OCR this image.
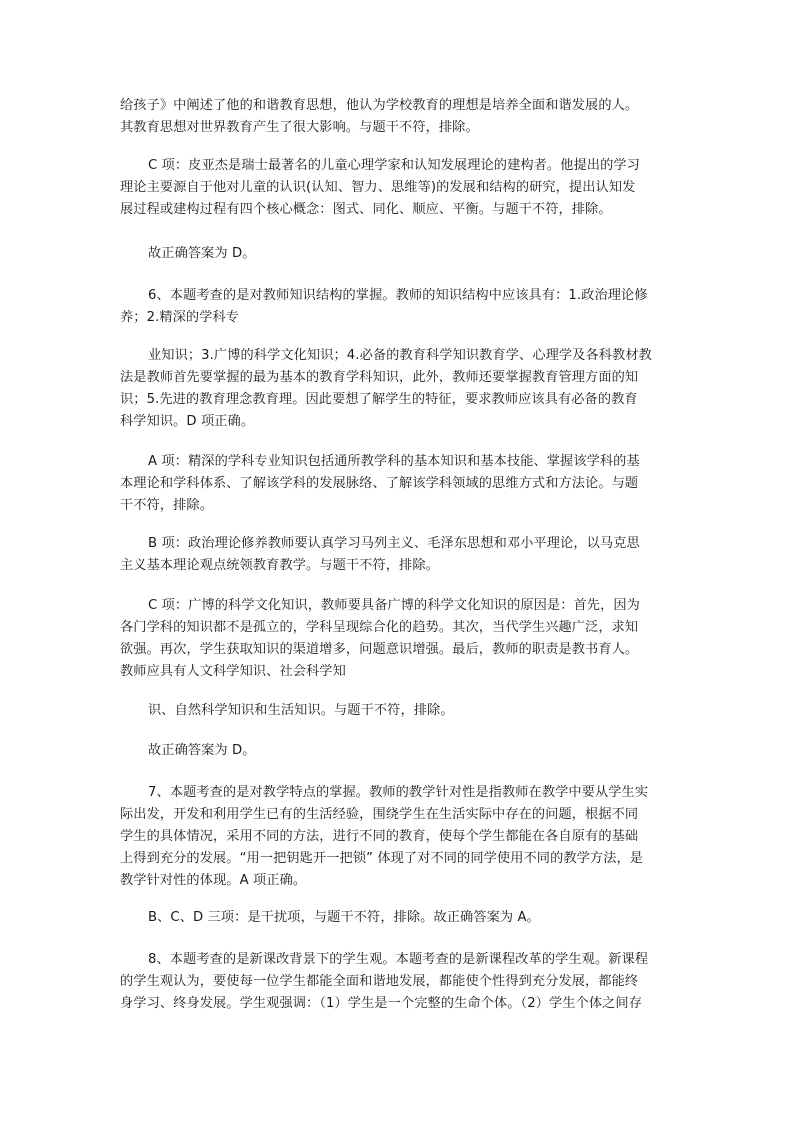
给孩子》中阐述了他的和谐教育思想，他认为学校教育的理想是培养全面和谐发展的人。
其教育思想对世界教育产生了很大影响。与题干不符，排除。
C 项：皮亚杰是瑞士最著名的儿童心理学家和认知发展理论的建构者。他提出的学习
理论主要源自于他对儿童的认识(认知、智力、思维等)的发展和结构的研究，提出认知发
展过程或建构过程有四个核心概念：图式、同化、顺应、平衡。与题干不符，排除。
故正确答案为 D。
6、本题考查的是对教师知识结构的掌握。教师的知识结构中应该具有：1.政治理论修
养；2.精深的学科专
业知识；3.广博的科学文化知识；4.必备的教育科学知识教育学、心理学及各科教材教
法是教师首先要掌握的最为基本的教育学科知识，此外，教师还要掌握教育管理方面的知
识；5.先进的教育理念教育理。因此要想了解学生的特征，要求教师应该具有必备的教育
科学知识。D 项正确。
A 项：精深的学科专业知识包括通所教学科的基本知识和基本技能、掌握该学科的基
本理论和学科体系、了解该学科的发展脉络、了解该学科领域的思维方式和方法论。与题
干不符，排除。
B 项：政治理论修养教师要认真学习马列主义、毛泽东思想和邓小平理论，以马克思
主义基本理论观点统领教育教学。与题干不符，排除。
C 项：广博的科学文化知识，教师要具备广博的科学文化知识的原因是：首先，因为
各门学科的知识都不是孤立的，学科呈现综合化的趋势。其次，当代学生兴趣广泛，求知
欲强。再次，学生获取知识的渠道增多，问题意识增强。最后，教师的职责是教书育人。
教师应具有人文科学知识、社会科学知
识、自然科学知识和生活知识。与题干不符，排除。
故正确答案为 D。
7、本题考查的是对教学特点的掌握。教师的教学针对性是指教师在教学中要从学生实
际出发，开发和利用学生已有的生活经验，围绕学生在生活实际中存在的问题，根据不同
学生的具体情况，采用不同的方法，进行不同的教育，使每个学生都能在各自原有的基础
上得到充分的发展。“用一把钥匙开一把锁” 体现了对不同的同学使用不同的教学方法，是
教学针对性的体现。A 项正确。
B、C、D 三项：是干扰项，与题干不符，排除。故正确答案为 A。
8、本题考查的是新课改背景下的学生观。本题考查的是新课程改革的学生观。新课程
的学生观认为，要使每一位学生都能全面和谐地发展，都能使个性得到充分发展，都能终
身学习、终身发展。学生观强调：（1）学生是一个完整的生命个体。（2）学生个体之间存
